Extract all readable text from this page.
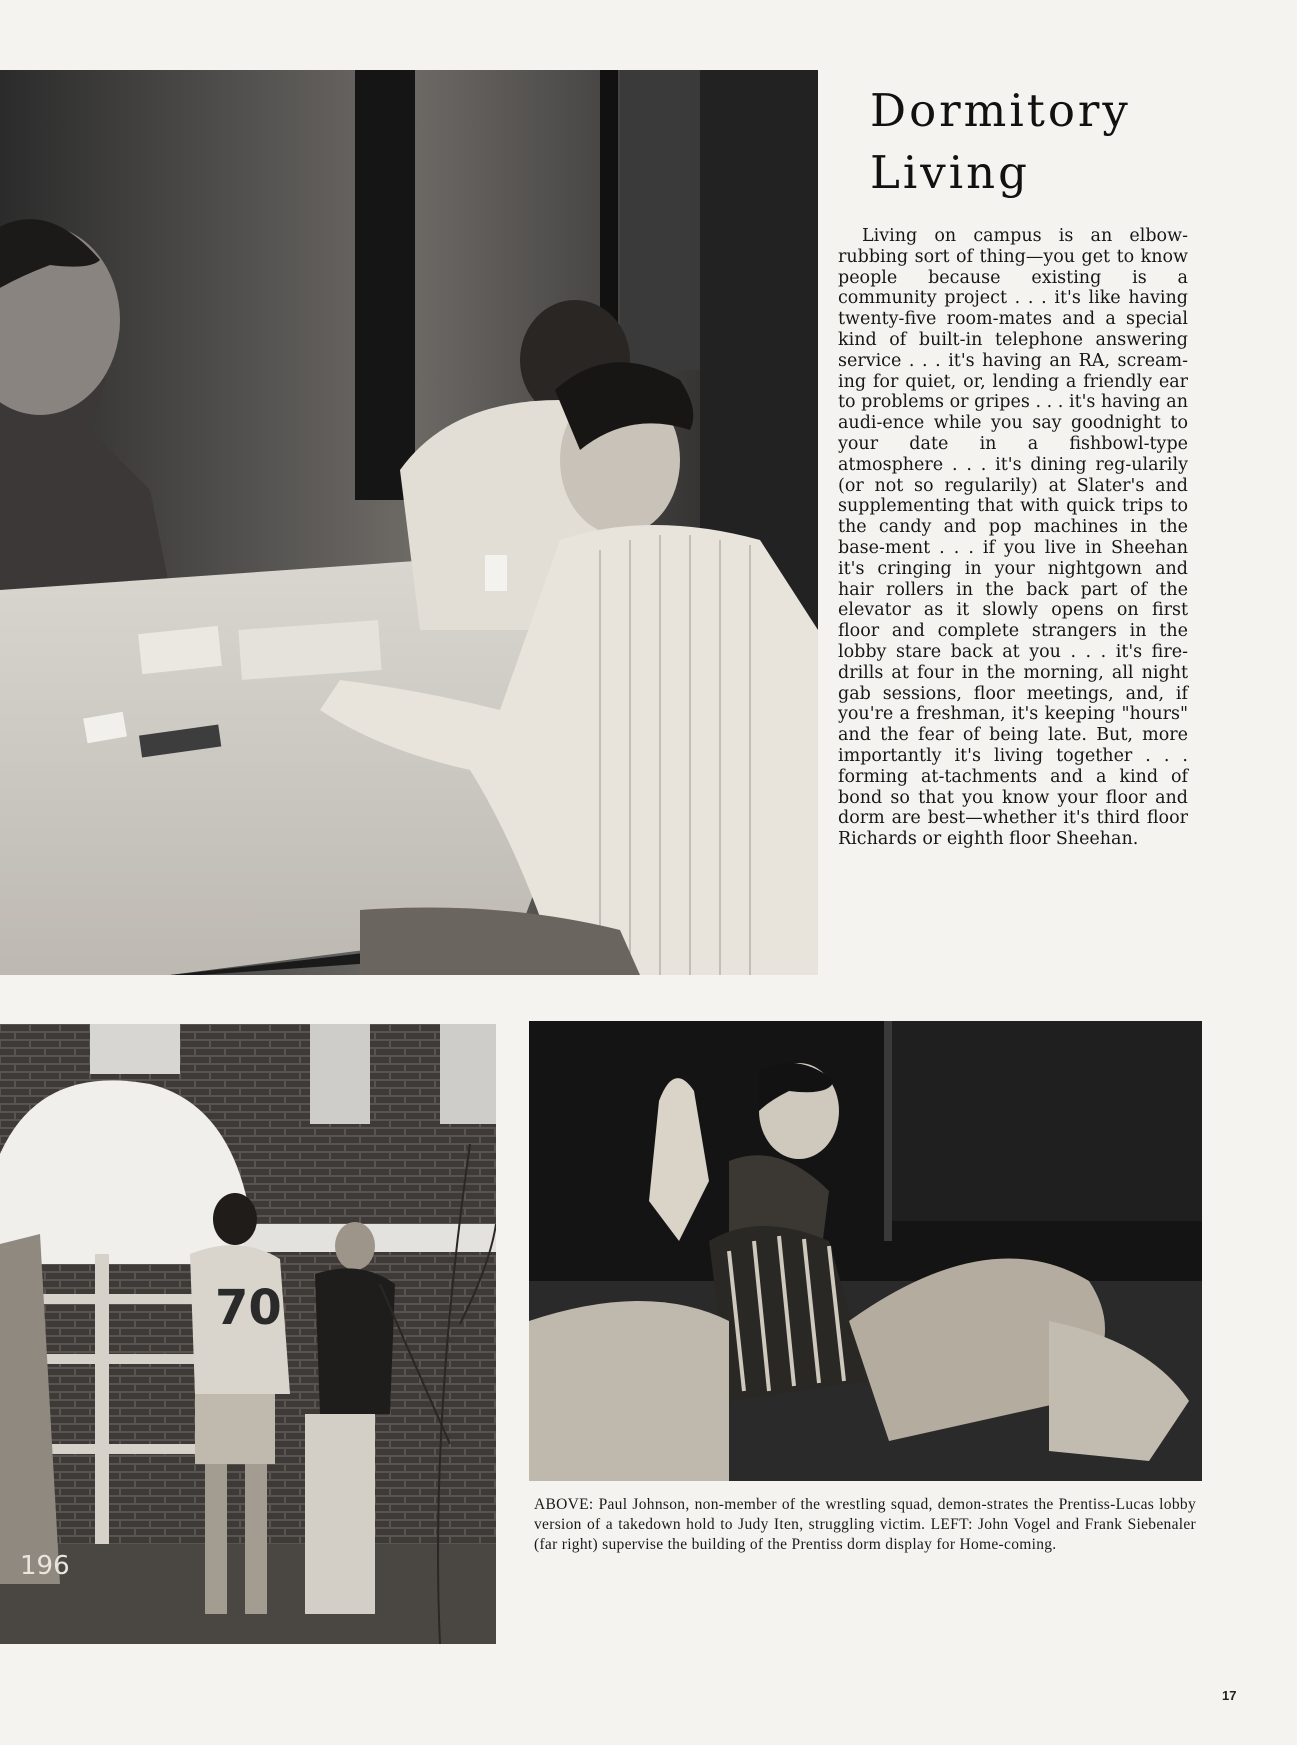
Dormitory
Living

Living on campus is an elbow-rubbing sort of thing—you get to know people because existing is a community project . . . it's like having twenty-five room-mates and a special kind of built-in telephone answering service . . . it's having an RA, scream-ing for quiet, or, lending a friendly ear to problems or gripes . . . it's having an audi-ence while you say goodnight to your date in a fishbowl-type atmosphere . . . it's dining reg-ularily (or not so regularily) at Slater's and supplementing that with quick trips to the candy and pop machines in the base-ment . . . if you live in Sheehan it's cringing in your nightgown and hair rollers in the back part of the elevator as it slowly opens on first floor and complete strangers in the lobby stare back at you . . . it's fire-drills at four in the morning, all night gab sessions, floor meetings, and, if you're a freshman, it's keeping "hours" and the fear of being late. But, more importantly it's living together . . . forming at-tachments and a kind of bond so that you know your floor and dorm are best—whether it's third floor Richards or eighth floor Sheehan.

70
196

ABOVE: Paul Johnson, non-member of the wrestling squad, demon-strates the Prentiss-Lucas lobby version of a takedown hold to Judy Iten, struggling victim. LEFT: John Vogel and Frank Siebenaler (far right) supervise the building of the Prentiss dorm display for Home-coming.

17
